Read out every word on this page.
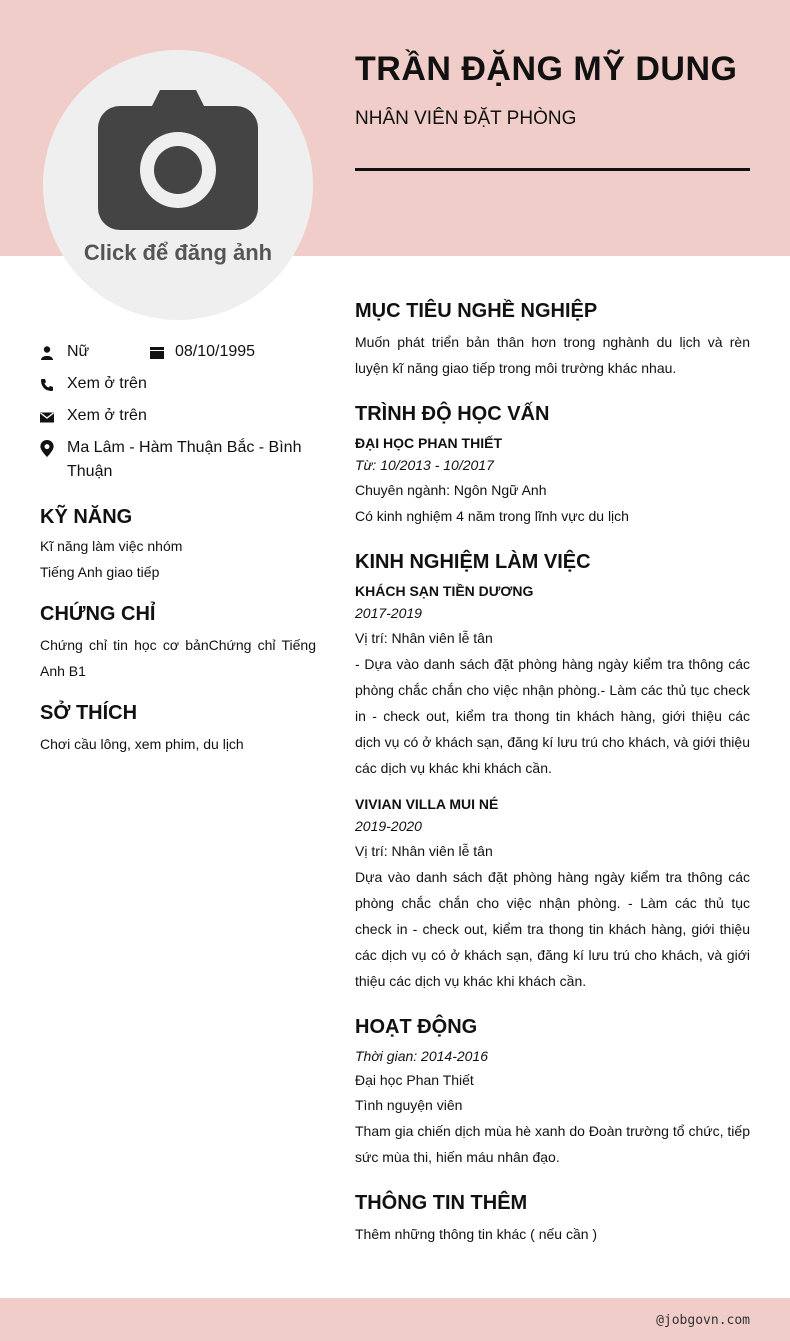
Click để đăng ảnh
TRẦN ĐẶNG MỸ DUNG
NHÂN VIÊN ĐẶT PHÒNG
Nữ	08/10/1995
Xem ở trên
Xem ở trên
Ma Lâm - Hàm Thuận Bắc - Bình Thuận
KỸ NĂNG
Kĩ năng làm việc nhóm
Tiếng Anh giao tiếp
CHỨNG CHỈ
Chứng chỉ tin học cơ bảnChứng chỉ Tiếng Anh B1
SỞ THÍCH
Chơi cầu lông, xem phim, du lịch
MỤC TIÊU NGHỀ NGHIỆP
Muốn phát triển bản thân hơn trong nghành du lịch và rèn luyện kĩ năng giao tiếp trong môi trường khác nhau.
TRÌNH ĐỘ HỌC VẤN
ĐẠI HỌC PHAN THIẾT
Từ: 10/2013 - 10/2017
Chuyên ngành: Ngôn Ngữ Anh
Có kinh nghiệm 4 năm trong lĩnh vực du lịch
KINH NGHIỆM LÀM VIỆC
KHÁCH SẠN TIỀN DƯƠNG
2017-2019
Vị trí: Nhân viên lễ tân
- Dựa vào danh sách đặt phòng hàng ngày kiểm tra thông các phòng chắc chắn cho việc nhận phòng.- Làm các thủ tục check in - check out, kiểm tra thong tin khách hàng, giới thiệu các dịch vụ có ở khách sạn, đăng kí lưu trú cho khách, và giới thiệu các dịch vụ khác khi khách cần.
VIVIAN VILLA MUI NÉ
2019-2020
Vị trí: Nhân viên lễ tân
Dựa vào danh sách đặt phòng hàng ngày kiểm tra thông các phòng chắc chắn cho việc nhận phòng. - Làm các thủ tục check in - check out, kiểm tra thong tin khách hàng, giới thiệu các dịch vụ có ở khách sạn, đăng kí lưu trú cho khách, và giới thiệu các dịch vụ khác khi khách cần.
HOẠT ĐỘNG
Thời gian: 2014-2016
Đại học Phan Thiết
Tình nguyện viên
Tham gia chiến dịch mùa hè xanh do Đoàn trường tổ chức, tiếp sức mùa thi, hiến máu nhân đạo.
THÔNG TIN THÊM
Thêm những thông tin khác ( nếu cần )
@jobgovn.com
